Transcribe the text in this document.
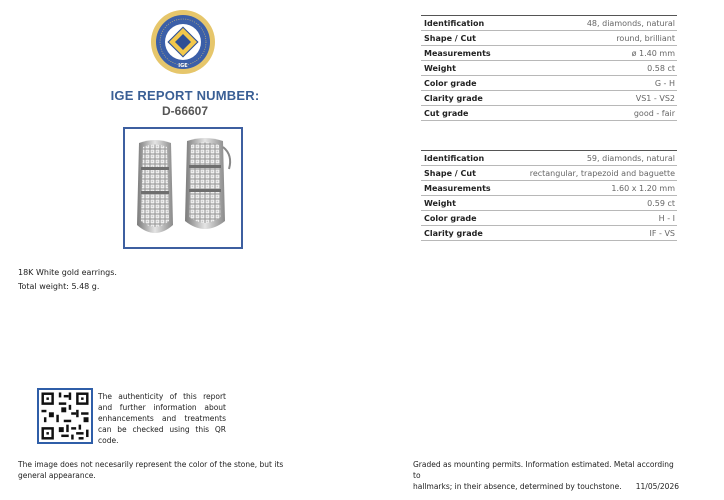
IGE
IGE REPORT NUMBER:
D-66607
18K White gold earrings.
Total weight: 5.48 g.
Identification	48, diamonds, natural
Shape / Cut	round, brilliant
Measurements	ø 1.40 mm
Weight	0.58 ct
Color grade	G - H
Clarity grade	VS1 - VS2
Cut grade	good - fair
Identification	59, diamonds, natural
Shape / Cut	rectangular, trapezoid and baguette
Measurements	1.60 x 1.20 mm
Weight	0.59 ct
Color grade	H - I
Clarity grade	IF - VS
The authenticity of this report and further information about enhancements and treatments can be checked using this QR code.
The image does not necesarily represent the color of the stone, but its general appearance.
Graded as mounting permits. Information estimated. Metal according to
hallmarks; in their absence, determined by touchstone. 11/05/2026
